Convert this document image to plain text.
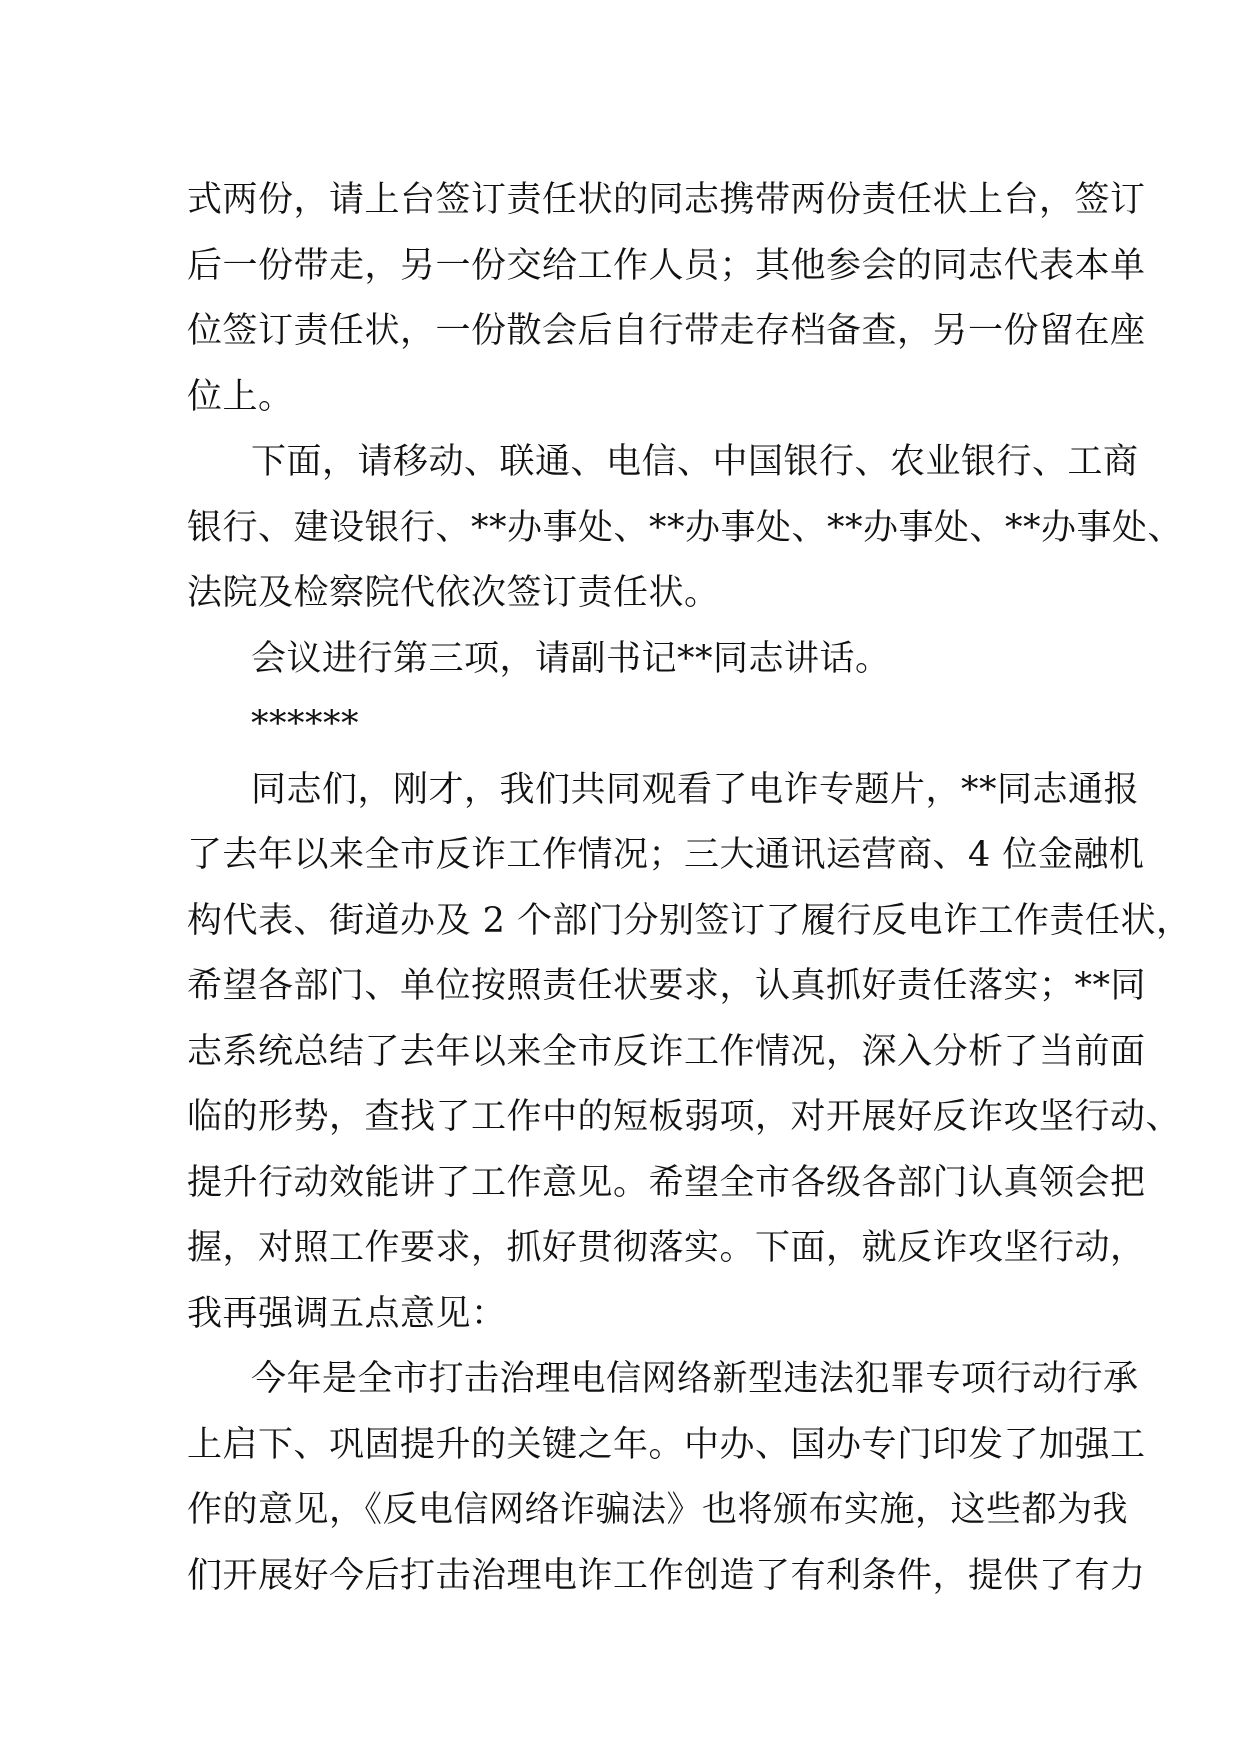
式两份，请上台签订责任状的同志携带两份责任状上台，签订
后一份带走，另一份交给工作人员；其他参会的同志代表本单
位签订责任状，一份散会后自行带走存档备查，另一份留在座
位上。
下面，请移动、联通、电信、中国银行、农业银行、工商
银行、建设银行、**办事处、**办事处、**办事处、**办事处、
法院及检察院代依次签订责任状。
会议进行第三项，请副书记**同志讲话。
******
同志们，刚才，我们共同观看了电诈专题片，**同志通报
了去年以来全市反诈工作情况；三大通讯运营商、4 位金融机
构代表、街道办及 2 个部门分别签订了履行反电诈工作责任状，
希望各部门、单位按照责任状要求，认真抓好责任落实；**同
志系统总结了去年以来全市反诈工作情况，深入分析了当前面
临的形势，查找了工作中的短板弱项，对开展好反诈攻坚行动、
提升行动效能讲了工作意见。希望全市各级各部门认真领会把
握，对照工作要求，抓好贯彻落实。下面，就反诈攻坚行动，
我再强调五点意见：
今年是全市打击治理电信网络新型违法犯罪专项行动行承
上启下、巩固提升的关键之年。中办、国办专门印发了加强工
作的意见，《反电信网络诈骗法》也将颁布实施，这些都为我
们开展好今后打击治理电诈工作创造了有利条件，提供了有力
